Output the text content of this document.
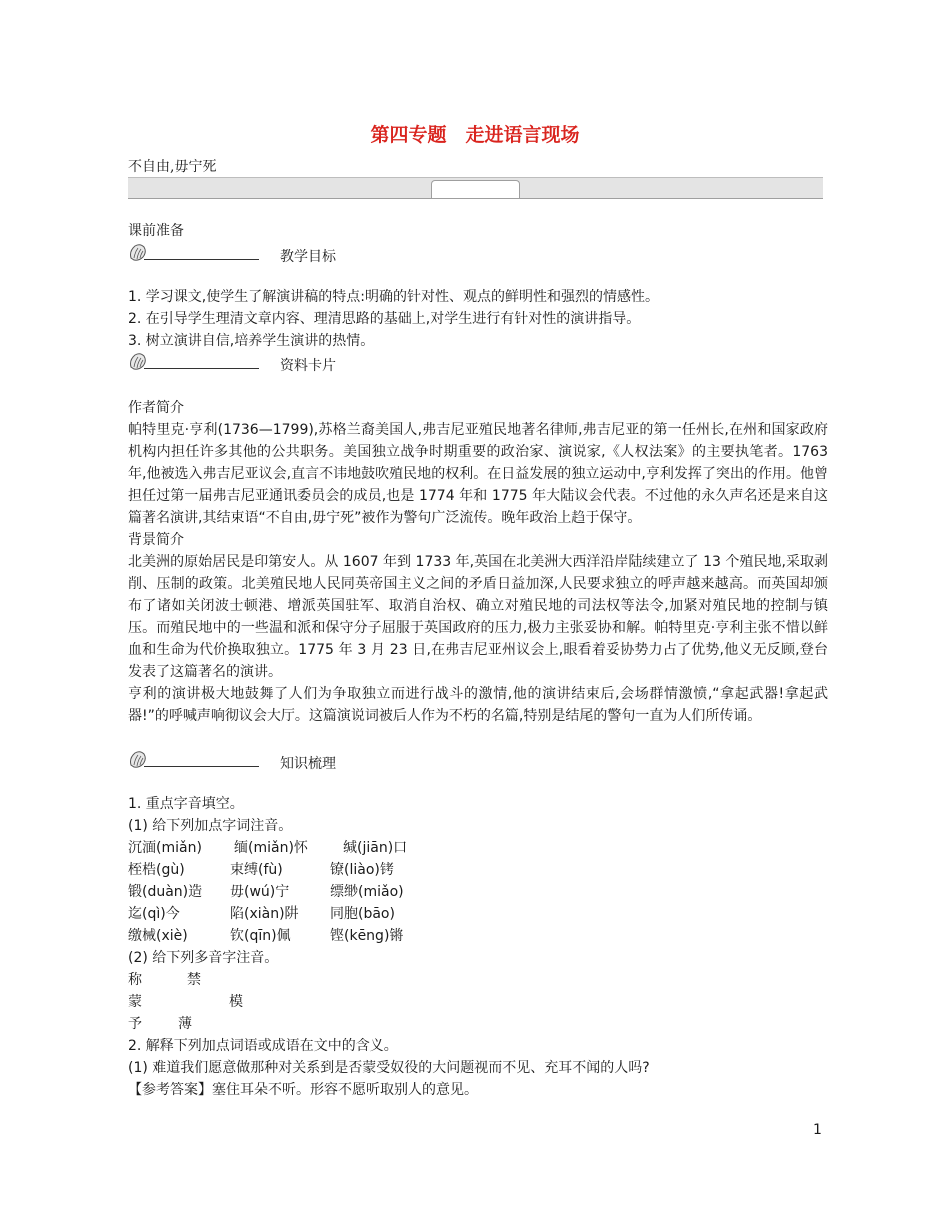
第四专题　走进语言现场
不自由,毋宁死
课前准备
教学目标

1. 学习课文,使学生了解演讲稿的特点:明确的针对性、观点的鲜明性和强烈的情感性。

2. 在引导学生理清文章内容、理清思路的基础上,对学生进行有针对性的演讲指导。

3. 树立演讲自信,培养学生演讲的热情。

资料卡片

作者简介

帕特里克·亨利(1736—1799),苏格兰裔美国人,弗吉尼亚殖民地著名律师,弗吉尼亚的第一任州长,在州和国家政府机构内担任许多其他的公共职务。美国独立战争时期重要的政治家、演说家,《人权法案》的主要执笔者。1763 年,他被选入弗吉尼亚议会,直言不讳地鼓吹殖民地的权利。在日益发展的独立运动中,亨利发挥了突出的作用。他曾担任过第一届弗吉尼亚通讯委员会的成员,也是 1774 年和 1775 年大陆议会代表。不过他的永久声名还是来自这篇著名演讲,其结束语“不自由,毋宁死”被作为警句广泛流传。晚年政治上趋于保守。

背景简介

北美洲的原始居民是印第安人。从 1607 年到 1733 年,英国在北美洲大西洋沿岸陆续建立了 13 个殖民地,采取剥削、压制的政策。北美殖民地人民同英帝国主义之间的矛盾日益加深,人民要求独立的呼声越来越高。而英国却颁布了诸如关闭波士顿港、增派英国驻军、取消自治权、确立对殖民地的司法权等法令,加紧对殖民地的控制与镇压。而殖民地中的一些温和派和保守分子屈服于英国政府的压力,极力主张妥协和解。帕特里克·亨利主张不惜以鲜血和生命为代价换取独立。1775 年 3 月 23 日,在弗吉尼亚州议会上,眼看着妥协势力占了优势,他义无反顾,登台发表了这篇著名的演讲。

亨利的演讲极大地鼓舞了人们为争取独立而进行战斗的激情,他的演讲结束后,会场群情激愤,“拿起武器!拿起武器!”的呼喊声响彻议会大厅。这篇演说词被后人作为不朽的名篇,特别是结尾的警句一直为人们所传诵。

知识梳理

1. 重点字音填空。

(1) 给下列加点字词注音。

沉湎(miǎn) 缅(miǎn)怀	缄(jiān)口
桎梏(gù)	束缚(fù)	镣(liào)铐
锻(duàn)造 毋(wú)宁	缥缈(miǎo)
迄(qì)今	陷(xiàn)阱 同胞(bāo)
缴械(xiè)	钦(qīn)佩	铿(kēng)锵
(2) 给下列多音字注音。
称	禁
蒙	模
予	薄

2. 解释下列加点词语或成语在文中的含义。

(1) 难道我们愿意做那种对关系到是否蒙受奴役的大问题视而不见、充耳不闻的人吗?

【参考答案】塞住耳朵不听。形容不愿听取别人的意见。

1
